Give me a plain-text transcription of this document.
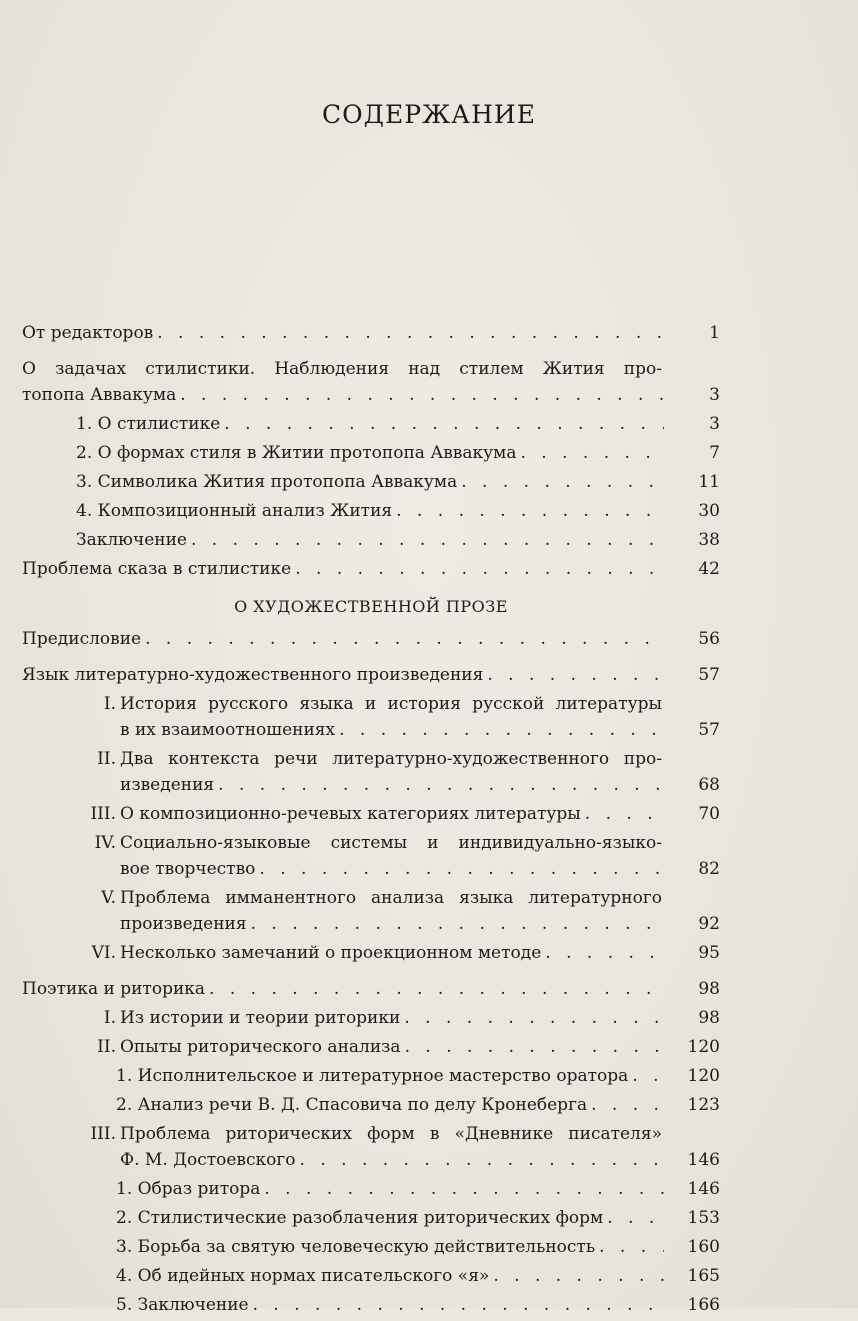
СОДЕРЖАНИЕ
От редакторов . . .	1
О задачах стилистики. Наблюдения над стилем Жития про-
топопа Аввакума . . .	3
1. О стилистике . . .	3
2. О формах стиля в Житии протопопа Аввакума . . .	7
3. Символика Жития протопопа Аввакума . . .	11
4. Композиционный анализ Жития . . .	30
Заключение . . .	38
Проблема сказа в стилистике . . .	42
О ХУДОЖЕСТВЕННОЙ ПРОЗЕ
Предисловие . . .	56
Язык литературно-художественного произведения . . .	57
I. История русского языка и история русской литературы
в их взаимоотношениях . . .	57
II. Два контекста речи литературно-художественного про-
изведения . . .	68
III. О композиционно-речевых категориях литературы . . .	70
IV. Социально-языковые системы и индивидуально-языко-
вое творчество . . .	82
V. Проблема имманентного анализа языка литературного
произведения . . .	92
VI. Несколько замечаний о проекционном методе . . .	95
Поэтика и риторика . . .	98
I. Из истории и теории риторики . . .	98
II. Опыты риторического анализа . . .	120
1. Исполнительское и литературное мастерство оратора . . .	120
2. Анализ речи В. Д. Спасовича по делу Кронеберга . . .	123
III. Проблема риторических форм в «Дневнике писателя»
Ф. М. Достоевского . . .	146
1. Образ ритора . . .	146
2. Стилистические разоблачения риторических форм . . .	153
3. Борьба за святую человеческую действительность . . .	160
4. Об идейных нормах писательского «я» . . .	165
5. Заключение . . .	166
